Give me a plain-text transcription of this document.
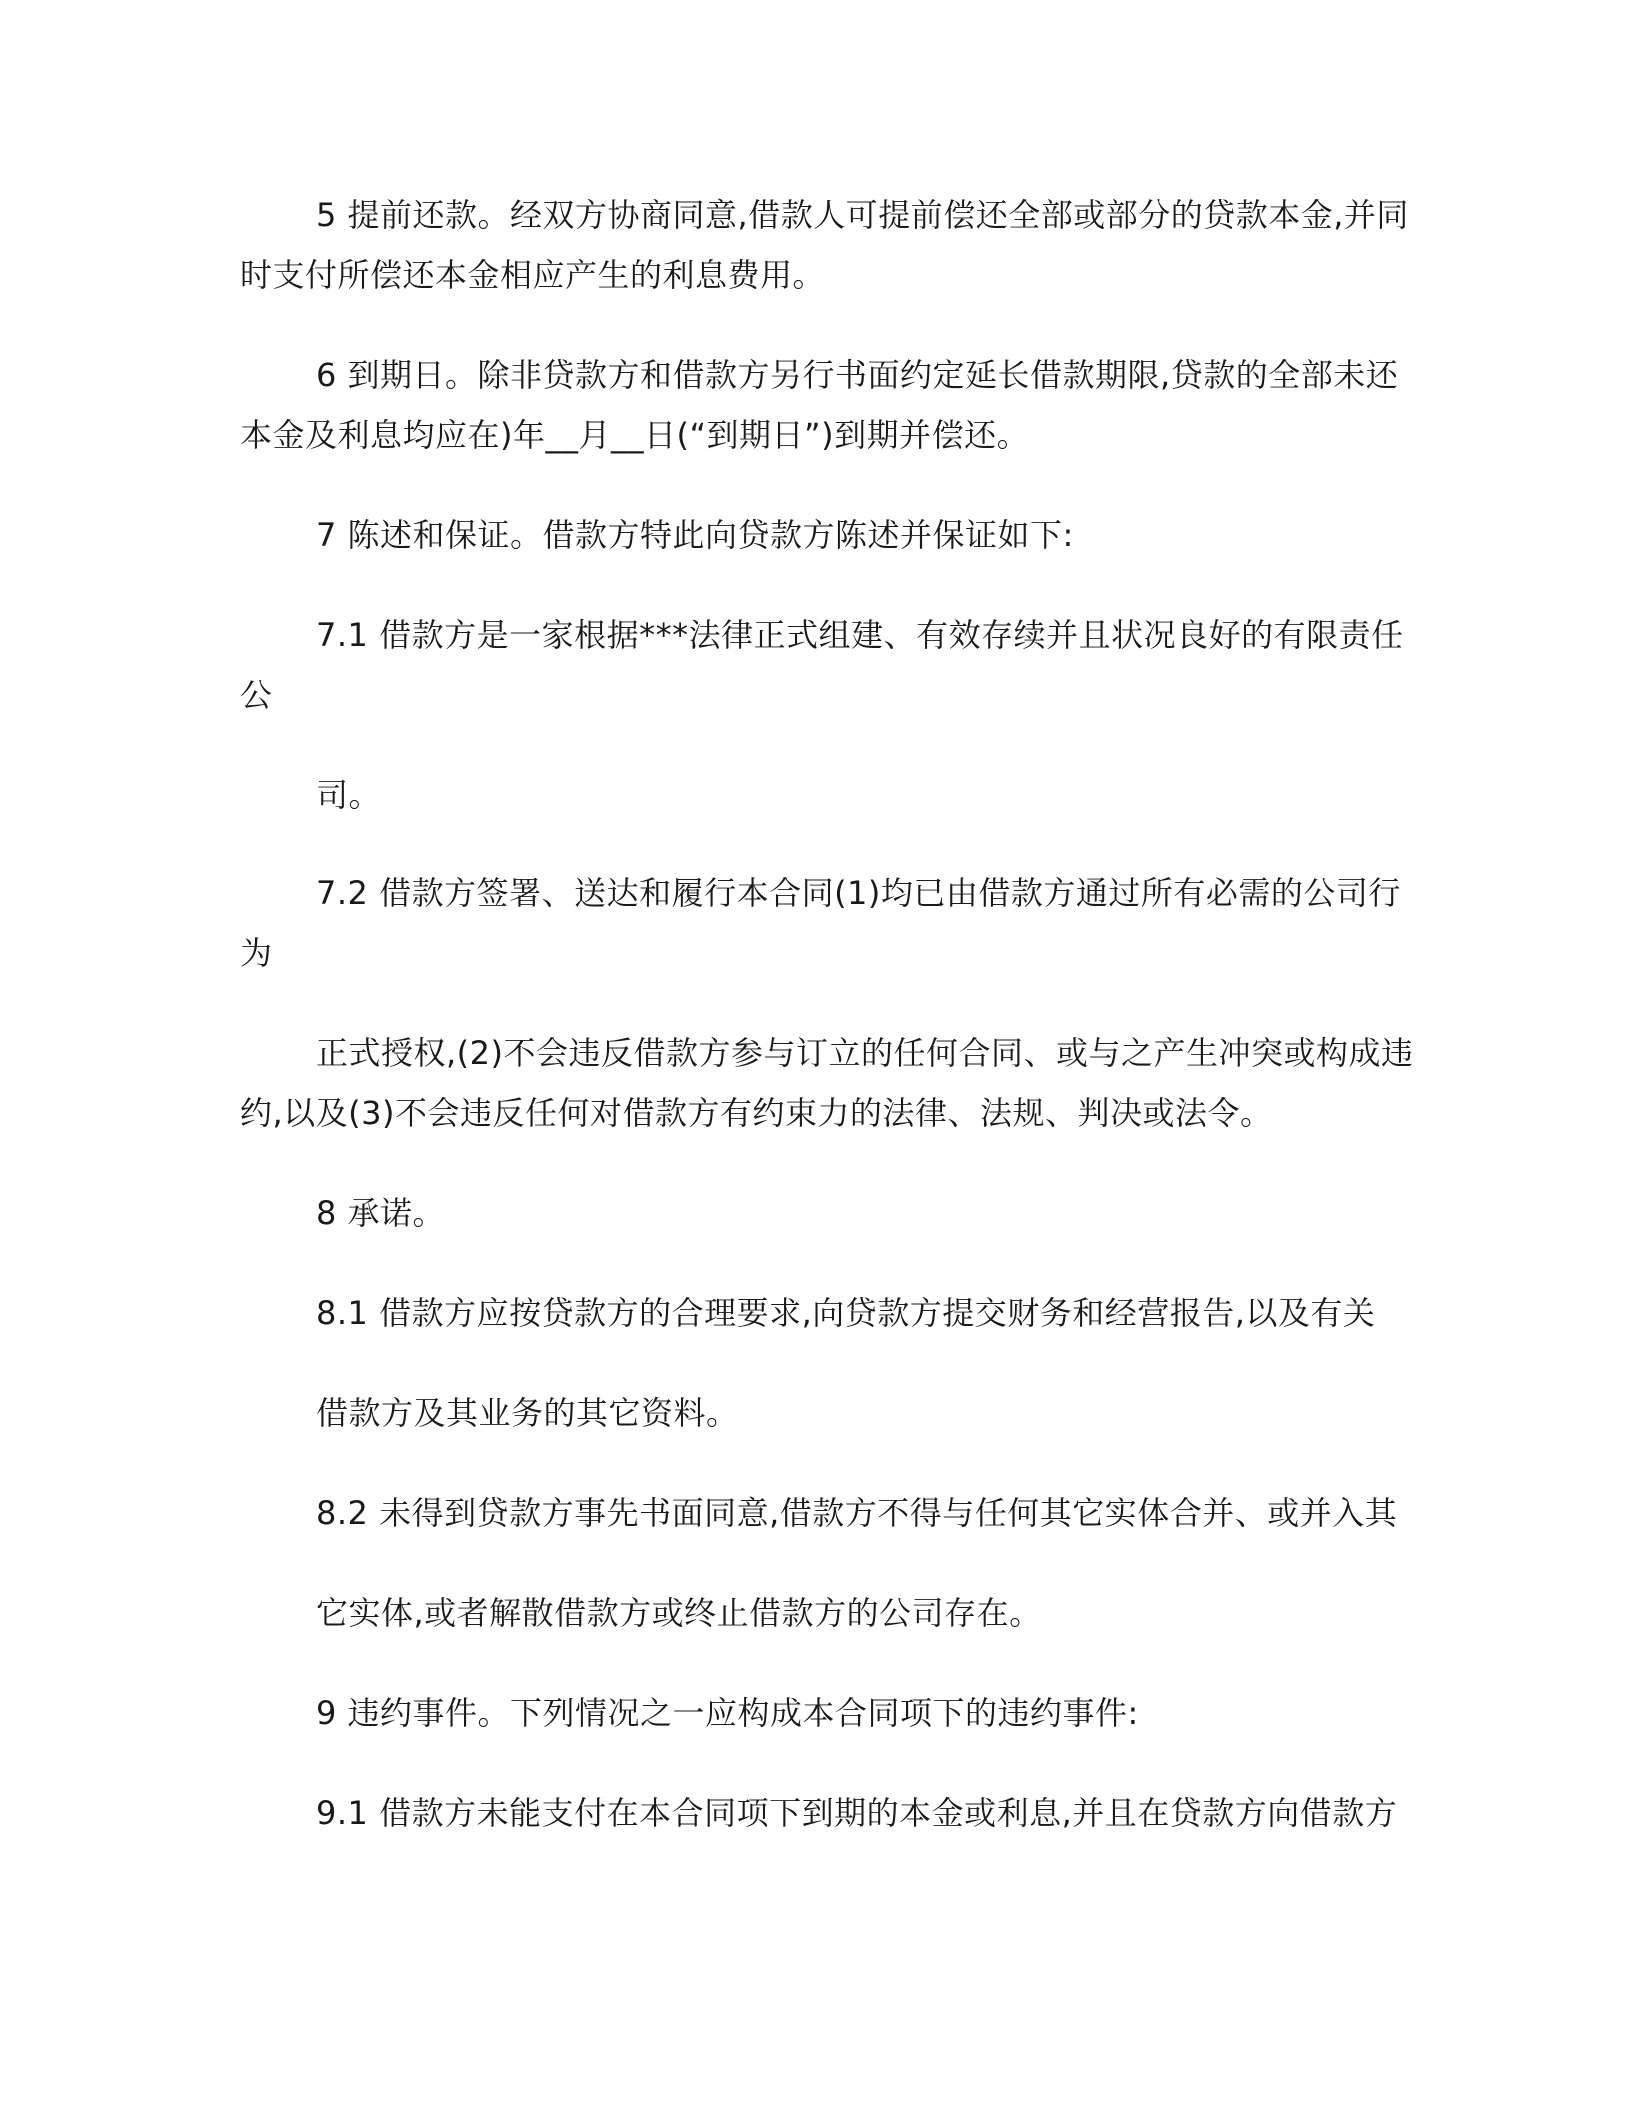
5 提前还款。经双方协商同意,借款人可提前偿还全部或部分的贷款本金,并同
时支付所偿还本金相应产生的利息费用。
6 到期日。除非贷款方和借款方另行书面约定延长借款期限,贷款的全部未还
本金及利息均应在)年__月__日(“到期日”)到期并偿还。
7 陈述和保证。借款方特此向贷款方陈述并保证如下:
7.1 借款方是一家根据***法律正式组建、有效存续并且状况良好的有限责任
公
司。
7.2 借款方签署、送达和履行本合同(1)均已由借款方通过所有必需的公司行
为
正式授权,(2)不会违反借款方参与订立的任何合同、或与之产生冲突或构成违
约,以及(3)不会违反任何对借款方有约束力的法律、法规、判决或法令。
8 承诺。
8.1 借款方应按贷款方的合理要求,向贷款方提交财务和经营报告,以及有关
借款方及其业务的其它资料。
8.2 未得到贷款方事先书面同意,借款方不得与任何其它实体合并、或并入其
它实体,或者解散借款方或终止借款方的公司存在。
9 违约事件。下列情况之一应构成本合同项下的违约事件:
9.1 借款方未能支付在本合同项下到期的本金或利息,并且在贷款方向借款方
